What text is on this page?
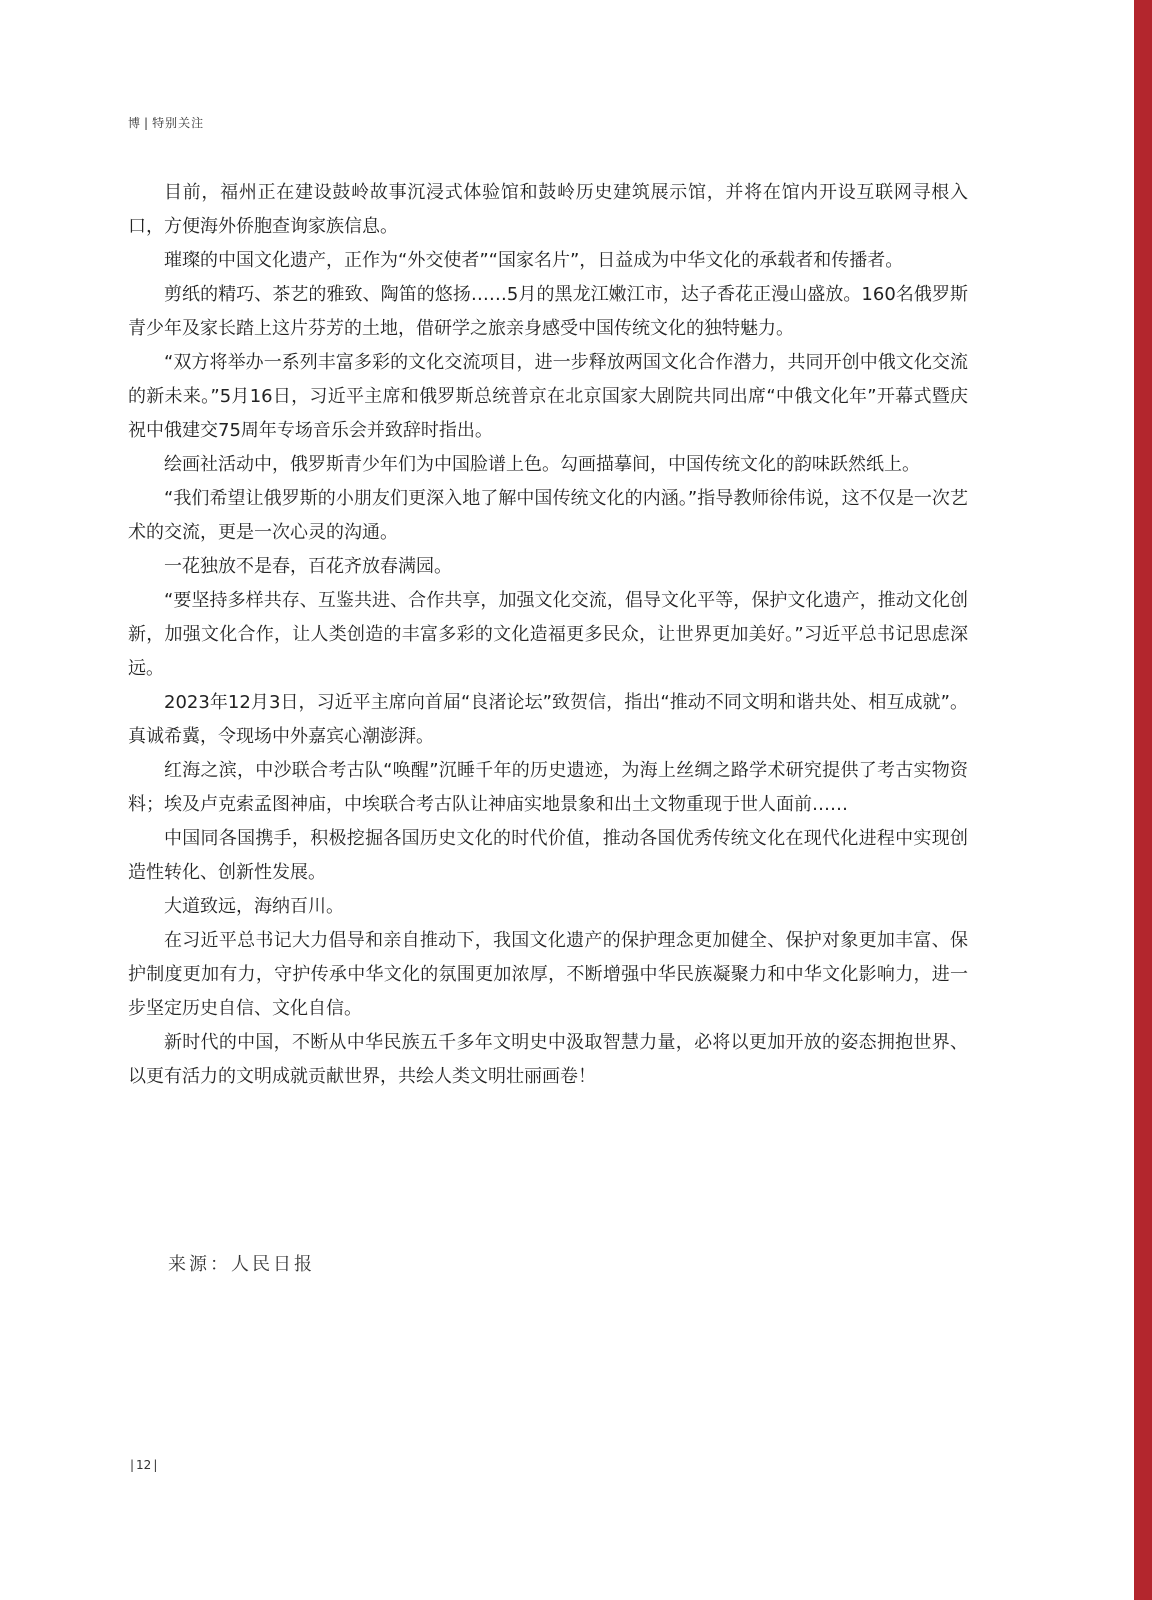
博 | 特别关注

目前，福州正在建设鼓岭故事沉浸式体验馆和鼓岭历史建筑展示馆，并将在馆内开设互联网寻根入口，方便海外侨胞查询家族信息。

璀璨的中国文化遗产，正作为“外交使者”“国家名片”，日益成为中华文化的承载者和传播者。

剪纸的精巧、茶艺的雅致、陶笛的悠扬……5月的黑龙江嫩江市，达子香花正漫山盛放。160名俄罗斯青少年及家长踏上这片芬芳的土地，借研学之旅亲身感受中国传统文化的独特魅力。

“双方将举办一系列丰富多彩的文化交流项目，进一步释放两国文化合作潜力，共同开创中俄文化交流的新未来。”5月16日，习近平主席和俄罗斯总统普京在北京国家大剧院共同出席“中俄文化年”开幕式暨庆祝中俄建交75周年专场音乐会并致辞时指出。

绘画社活动中，俄罗斯青少年们为中国脸谱上色。勾画描摹间，中国传统文化的韵味跃然纸上。

“我们希望让俄罗斯的小朋友们更深入地了解中国传统文化的内涵。”指导教师徐伟说，这不仅是一次艺术的交流，更是一次心灵的沟通。

一花独放不是春，百花齐放春满园。

“要坚持多样共存、互鉴共进、合作共享，加强文化交流，倡导文化平等，保护文化遗产，推动文化创新，加强文化合作，让人类创造的丰富多彩的文化造福更多民众，让世界更加美好。”习近平总书记思虑深远。

2023年12月3日，习近平主席向首届“良渚论坛”致贺信，指出“推动不同文明和谐共处、相互成就”。真诚希冀，令现场中外嘉宾心潮澎湃。

红海之滨，中沙联合考古队“唤醒”沉睡千年的历史遗迹，为海上丝绸之路学术研究提供了考古实物资料；埃及卢克索孟图神庙，中埃联合考古队让神庙实地景象和出土文物重现于世人面前……

中国同各国携手，积极挖掘各国历史文化的时代价值，推动各国优秀传统文化在现代化进程中实现创造性转化、创新性发展。

大道致远，海纳百川。

在习近平总书记大力倡导和亲自推动下，我国文化遗产的保护理念更加健全、保护对象更加丰富、保护制度更加有力，守护传承中华文化的氛围更加浓厚，不断增强中华民族凝聚力和中华文化影响力，进一步坚定历史自信、文化自信。

新时代的中国，不断从中华民族五千多年文明史中汲取智慧力量，必将以更加开放的姿态拥抱世界、以更有活力的文明成就贡献世界，共绘人类文明壮丽画卷！

来源：人民日报
| 12 |
